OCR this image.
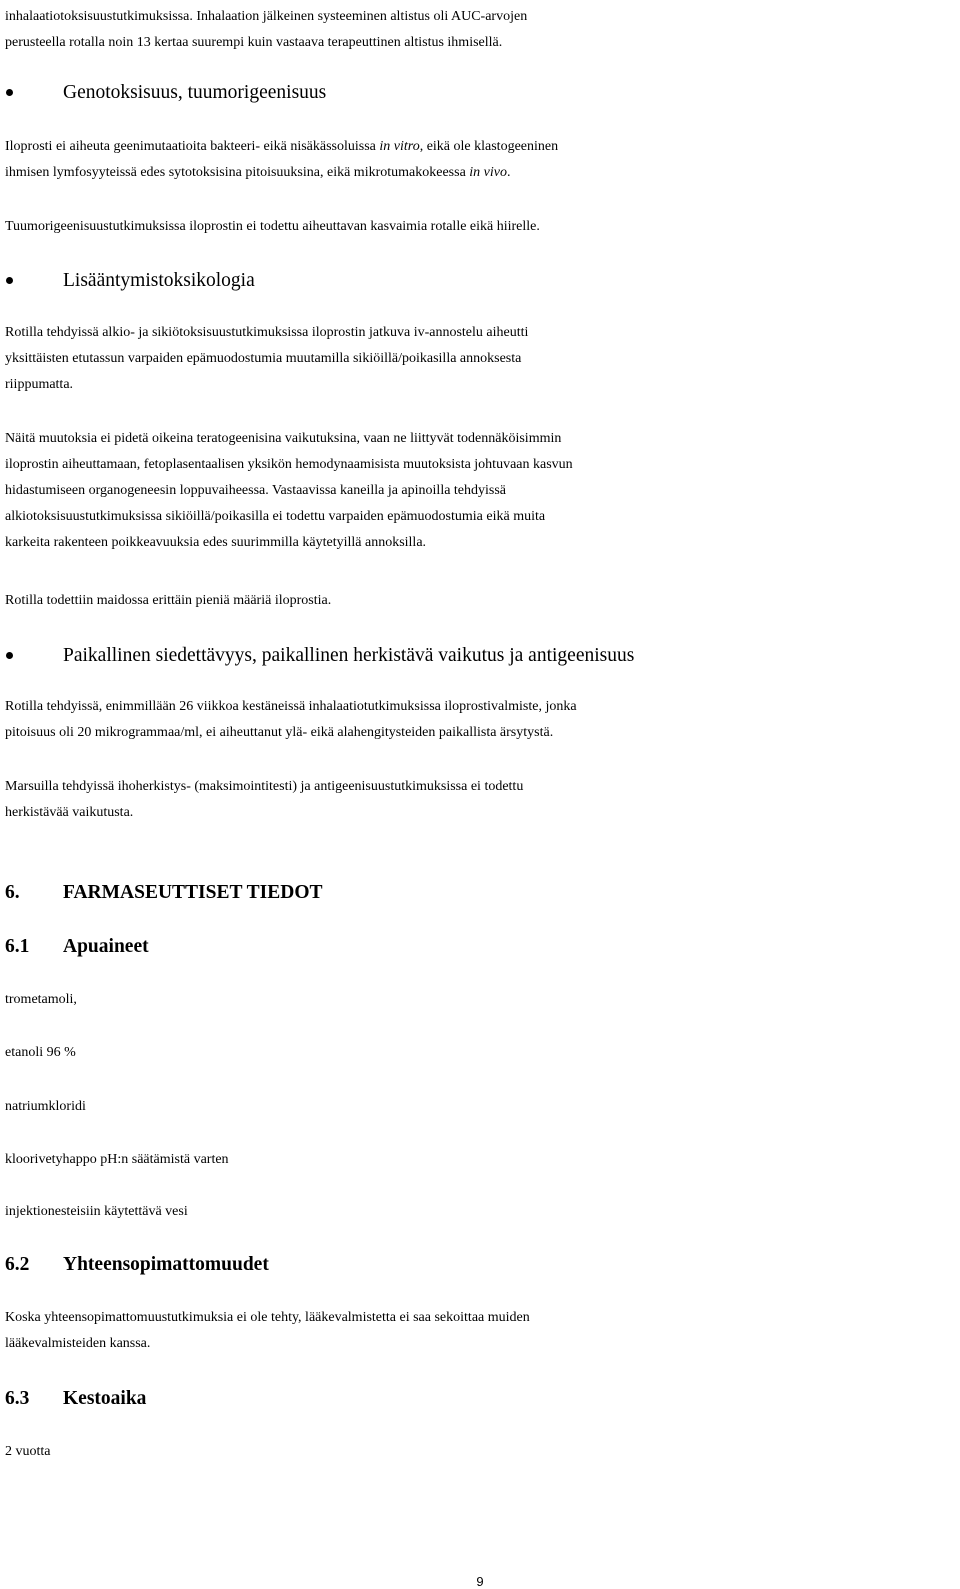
inhalaatiotoksisuustutkimuksissa. Inhalaation jälkeinen systeeminen altistus oli AUC-arvojen
perusteella rotalla noin 13 kertaa suurempi kuin vastaava terapeuttinen altistus ihmisellä.
Genotoksisuus, tuumorigeenisuus
Iloprosti ei aiheuta geenimutaatioita bakteeri- eikä nisäkässoluissa in vitro, eikä ole klastogeeninen
ihmisen lymfosyyteissä edes sytotoksisina pitoisuuksina, eikä mikrotumakokeessa in vivo.
Tuumorigeenisuustutkimuksissa iloprostin ei todettu aiheuttavan kasvaimia rotalle eikä hiirelle.
Lisääntymistoksikologia
Rotilla tehdyissä alkio- ja sikiötoksisuustutkimuksissa iloprostin jatkuva iv-annostelu aiheutti
yksittäisten etutassun varpaiden epämuodostumia muutamilla sikiöillä/poikasilla annoksesta
riippumatta.
Näitä muutoksia ei pidetä oikeina teratogeenisina vaikutuksina, vaan ne liittyvät todennäköisimmin
iloprostin aiheuttamaan, fetoplasentaalisen yksikön hemodynaamisista muutoksista johtuvaan kasvun
hidastumiseen organogeneesin loppuvaiheessa. Vastaavissa kaneilla ja apinoilla tehdyissä
alkiotoksisuustutkimuksissa sikiöillä/poikasilla ei todettu varpaiden epämuodostumia eikä muita
karkeita rakenteen poikkeavuuksia edes suurimmilla käytetyillä annoksilla.
Rotilla todettiin maidossa erittäin pieniä määriä iloprostia.
Paikallinen siedettävyys, paikallinen herkistävä vaikutus ja antigeenisuus
Rotilla tehdyissä, enimmillään 26 viikkoa kestäneissä inhalaatiotutkimuksissa iloprostivalmiste, jonka
pitoisuus oli 20 mikrogrammaa/ml, ei aiheuttanut ylä- eikä alahengitysteiden paikallista ärsytystä.
Marsuilla tehdyissä ihoherkistys- (maksimointitesti) ja antigeenisuustutkimuksissa ei todettu
herkistävää vaikutusta.
6. FARMASEUTTISET TIEDOT
6.1 Apuaineet
trometamoli,
etanoli 96 %
natriumkloridi
kloorivetyhappo pH:n säätämistä varten
injektionesteisiin käytettävä vesi
6.2 Yhteensopimattomuudet
Koska yhteensopimattomuustutkimuksia ei ole tehty, lääkevalmistetta ei saa sekoittaa muiden
lääkevalmisteiden kanssa.
6.3 Kestoaika
2 vuotta
9
